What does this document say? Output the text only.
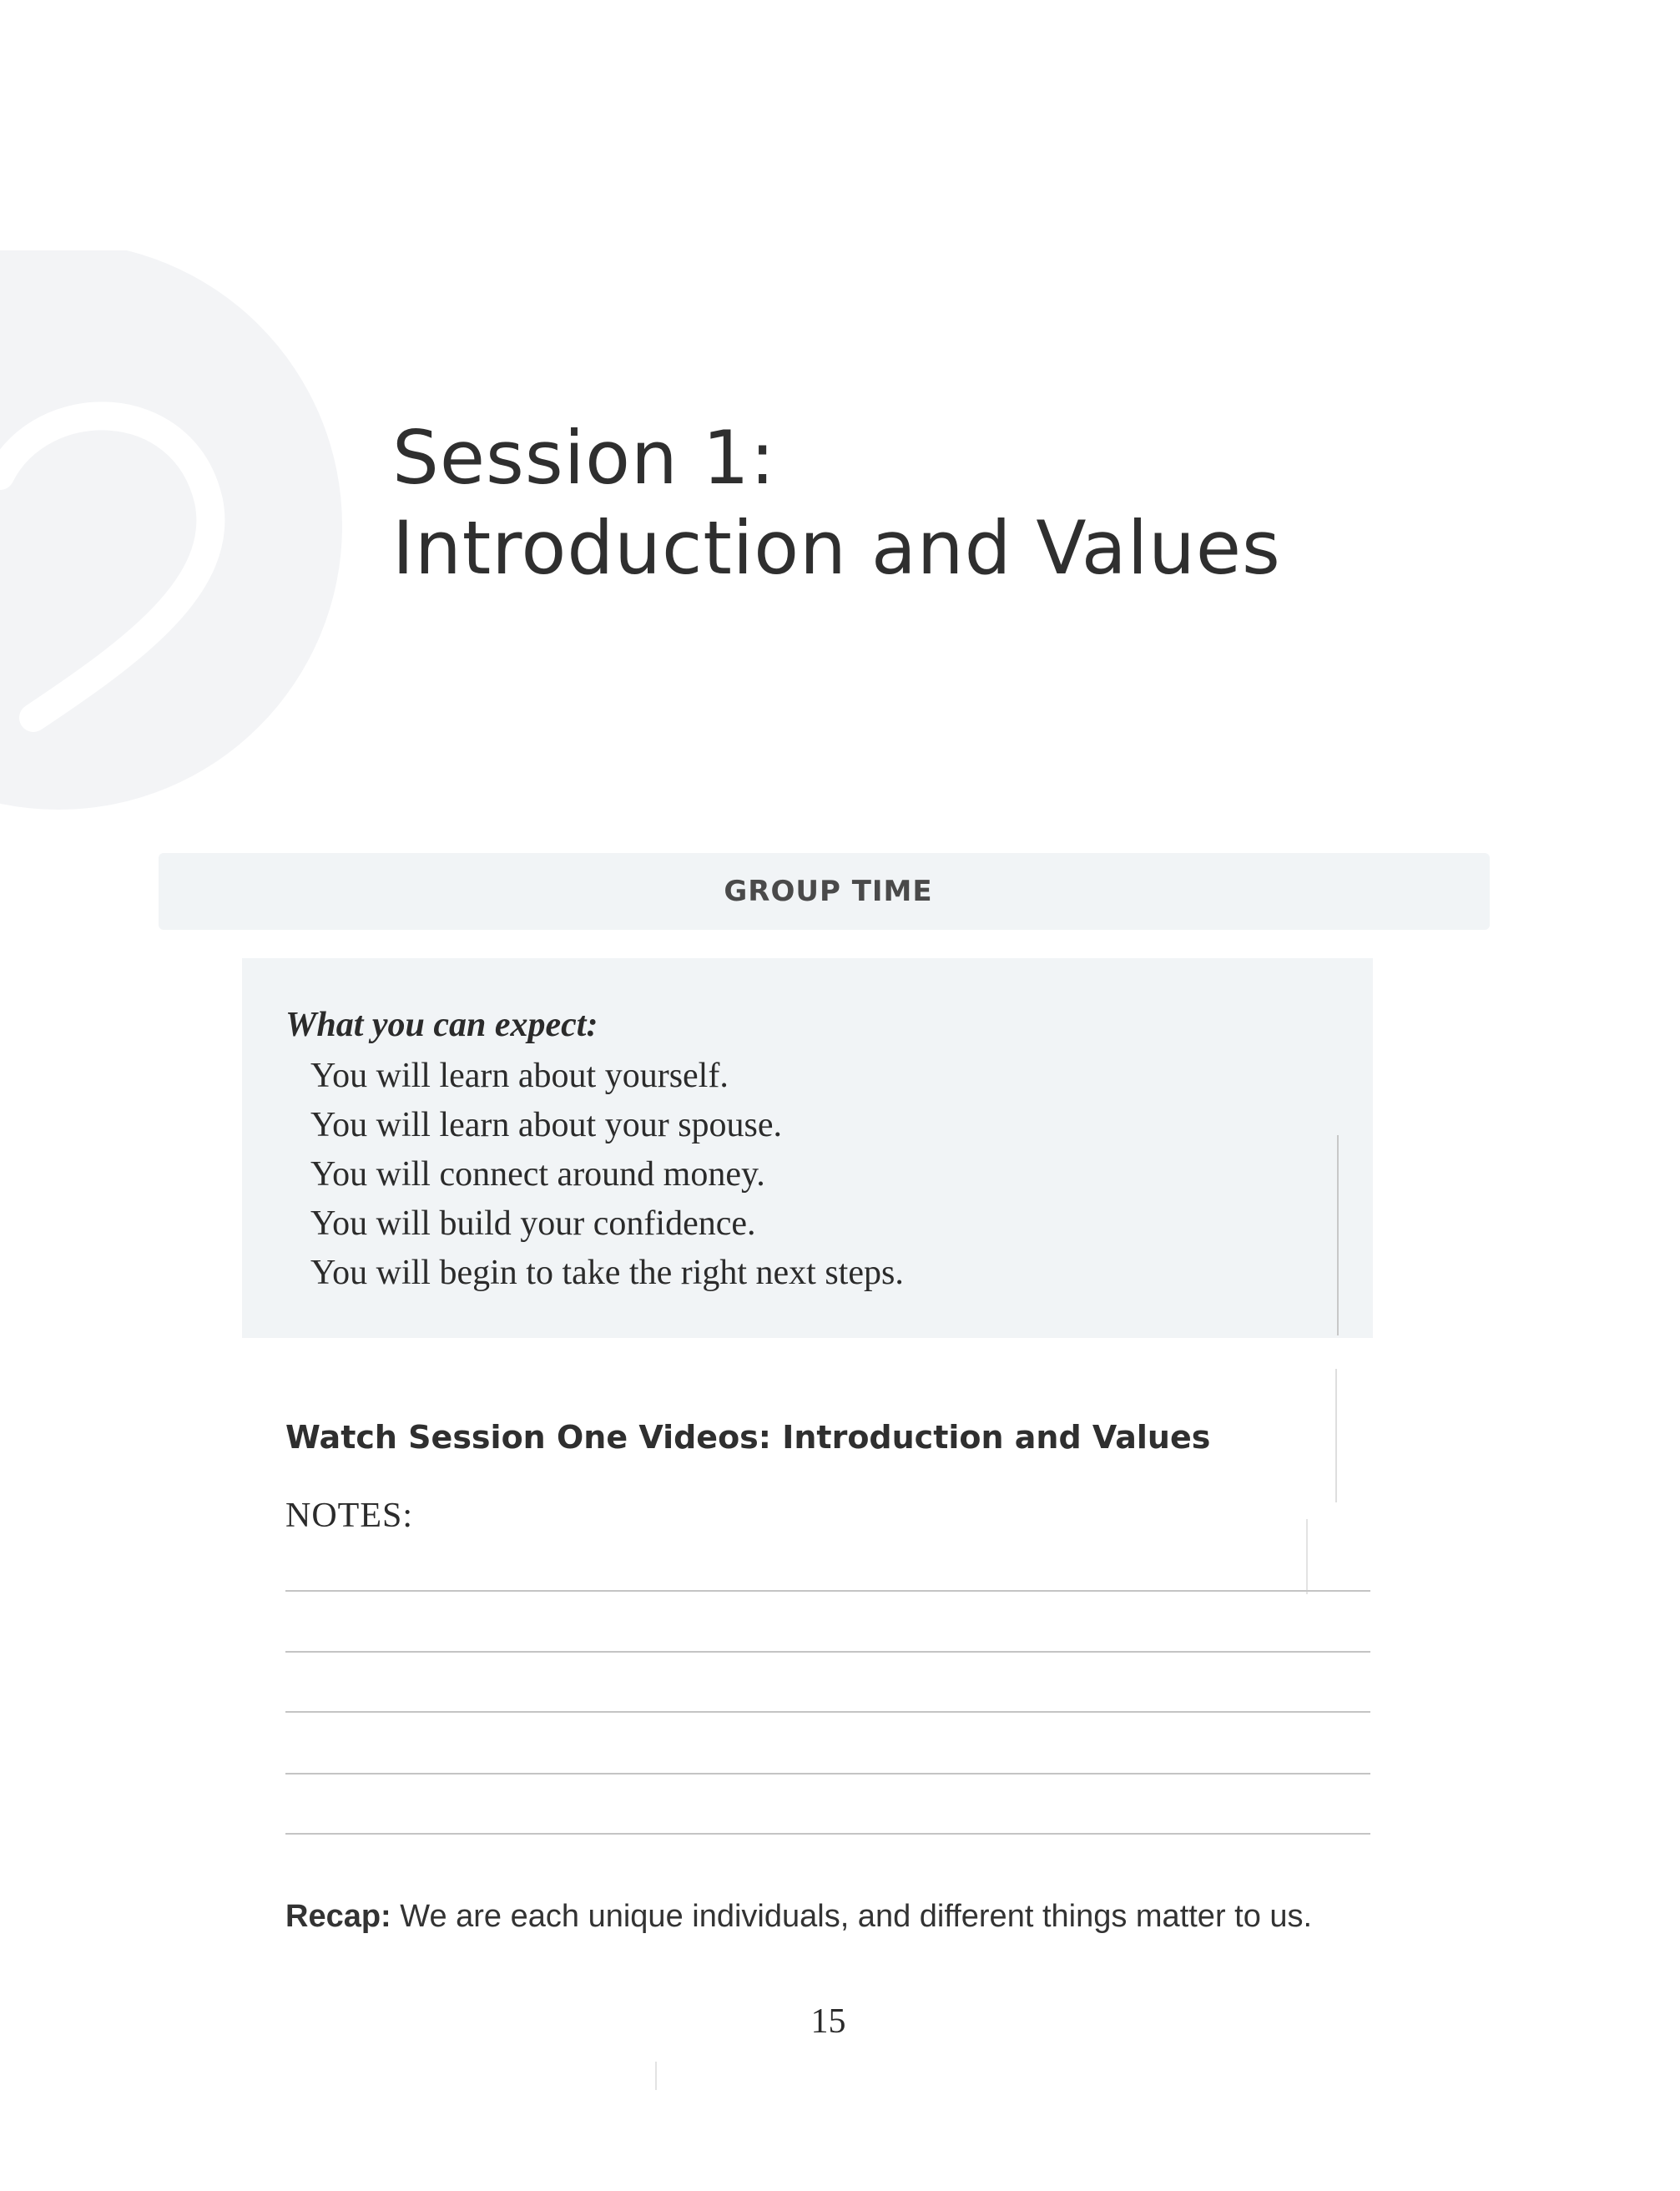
Session 1:
Introduction and Values
GROUP TIME
What you can expect:
You will learn about yourself.
You will learn about your spouse.
You will connect around money.
You will build your confidence.
You will begin to take the right next steps.
Watch Session One Videos: Introduction and Values
NOTES:
Recap: We are each unique individuals, and different things matter to us.
15
